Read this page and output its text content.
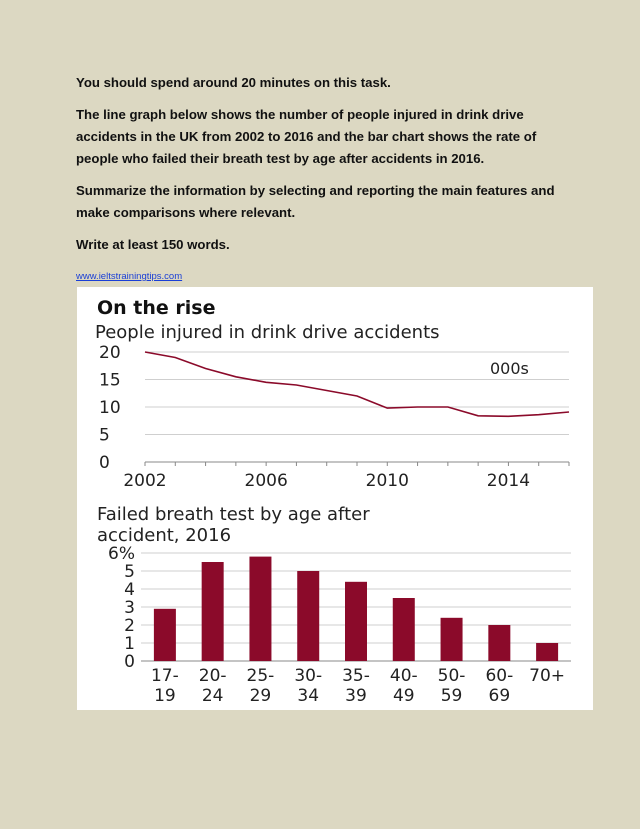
You should spend around 20 minutes on this task.

The line graph below shows the number of people injured in drink drive accidents in the UK from 2002 to 2016 and the bar chart shows the rate of people who failed their breath test by age after accidents in 2016.

Summarize the information by selecting and reporting the main features and make comparisons where relevant.

Write at least 150 words.

www.ieltstrainingtips.com
On the rise
People injured in drink drive accidents
000s
20
15
10
5
0
2002	2006	2010	2014
Failed breath test by age after
accident, 2016
6%
5
4
3
2
1
0
17-
19
20-
24
25-
29
30-
34
35-
39
40-
49
50-
59
60-
69
70+
